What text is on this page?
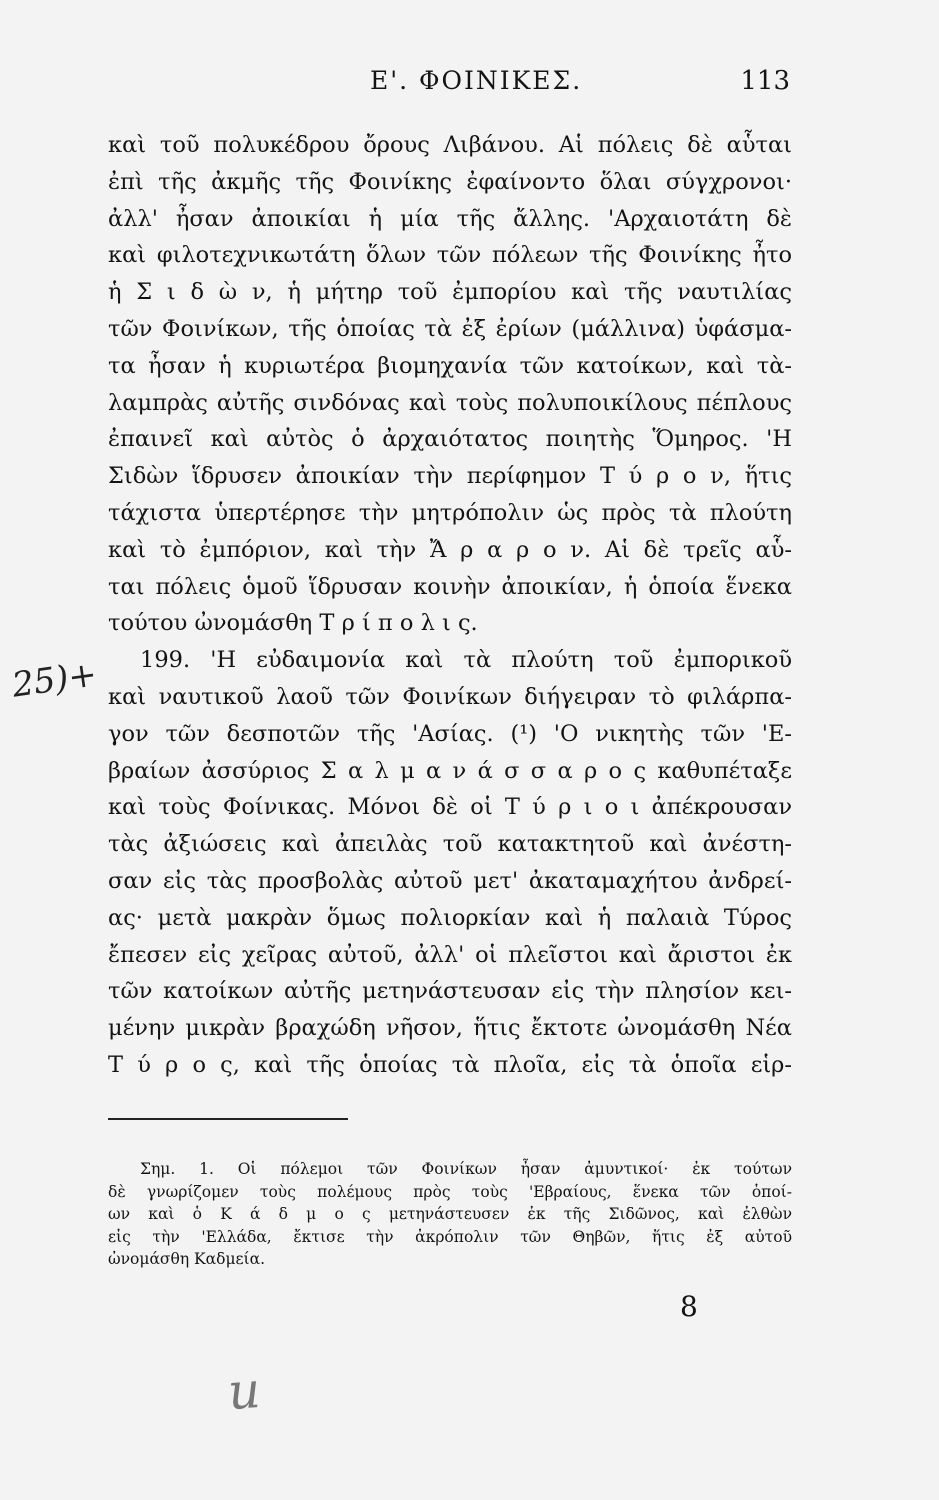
Ε'. ΦΟΙΝΙΚΕΣ.	113
25)+
καὶ τοῦ πολυκέδρου ὄρους Λιβάνου. Αἱ πόλεις δὲ αὗται
ἐπὶ τῆς ἀκμῆς τῆς Φοινίκης ἐφαίνοντο ὅλαι σύγχρονοι·
ἀλλ' ἦσαν ἀποικίαι ἡ μία τῆς ἄλλης. 'Αρχαιοτάτη δὲ
καὶ φιλοτεχνικωτάτη ὅλων τῶν πόλεων τῆς Φοινίκης ἦτο
ἡ Σ ι δ ὼ ν, ἡ μήτηρ τοῦ ἐμπορίου καὶ τῆς ναυτιλίας
τῶν Φοινίκων, τῆς ὁποίας τὰ ἐξ ἐρίων (μάλλινα) ὑφάσμα-
τα ἦσαν ἡ κυριωτέρα βιομηχανία τῶν κατοίκων, καὶ τὰ-
λαμπρὰς αὐτῆς σινδόνας καὶ τοὺς πολυποικίλους πέπλους
ἐπαινεῖ καὶ αὐτὸς ὁ ἀρχαιότατος ποιητὴς Ὅμηρος. 'Η
Σιδὼν ἵδρυσεν ἀποικίαν τὴν περίφημον Τ ύ ρ ο ν, ἥτις
τάχιστα ὑπερτέρησε τὴν μητρόπολιν ὡς πρὸς τὰ πλούτη
καὶ τὸ ἐμπόριον, καὶ τὴν Ἄ ρ α ρ ο ν. Αἱ δὲ τρεῖς αὗ-
ται πόλεις ὁμοῦ ἵδρυσαν κοινὴν ἀποικίαν, ἡ ὁποία ἕνεκα
τούτου ὠνομάσθη Τ ρ ί π ο λ ι ς.
199. 'Η εὐδαιμονία καὶ τὰ πλούτη τοῦ ἐμπορικοῦ
καὶ ναυτικοῦ λαοῦ τῶν Φοινίκων διήγειραν τὸ φιλάρπα-
γον τῶν δεσποτῶν τῆς 'Ασίας. (¹) 'Ο νικητὴς τῶν 'Ε-
βραίων ἀσσύριος Σ α λ μ α ν ά σ σ α ρ ο ς καθυπέταξε
καὶ τοὺς Φοίνικας. Μόνοι δὲ οἱ Τ ύ ρ ι ο ι ἀπέκρουσαν
τὰς ἀξιώσεις καὶ ἀπειλὰς τοῦ κατακτητοῦ καὶ ἀνέστη-
σαν εἰς τὰς προσβολὰς αὐτοῦ μετ' ἀκαταμαχήτου ἀνδρεί-
ας· μετὰ μακρὰν ὅμως πολιορκίαν καὶ ἡ παλαιὰ Τύρος
ἔπεσεν εἰς χεῖρας αὐτοῦ, ἀλλ' οἱ πλεῖστοι καὶ ἄριστοι ἐκ
τῶν κατοίκων αὐτῆς μετηνάστευσαν εἰς τὴν πλησίον κει-
μένην μικρὰν βραχώδη νῆσον, ἥτις ἔκτοτε ὠνομάσθη Νέα
Τ ύ ρ ο ς, καὶ τῆς ὁποίας τὰ πλοῖα, εἰς τὰ ὁποῖα εἱρ-
Σημ. 1. Οἱ πόλεμοι τῶν Φοινίκων ἦσαν ἀμυντικοί· ἐκ τούτων
δὲ γνωρίζομεν τοὺς πολέμους πρὸς τοὺς 'Εβραίους, ἕνεκα τῶν ὁποί-
ων καὶ ὁ Κ ά δ μ ο ς μετηνάστευσεν ἐκ τῆς Σιδῶνος, καὶ ἐλθὼν
εἰς τὴν 'Ελλάδα, ἔκτισε τὴν ἀκρόπολιν τῶν Θηβῶν, ἥτις ἐξ αὐτοῦ
ὠνομάσθη Καδμεία.
8
u
